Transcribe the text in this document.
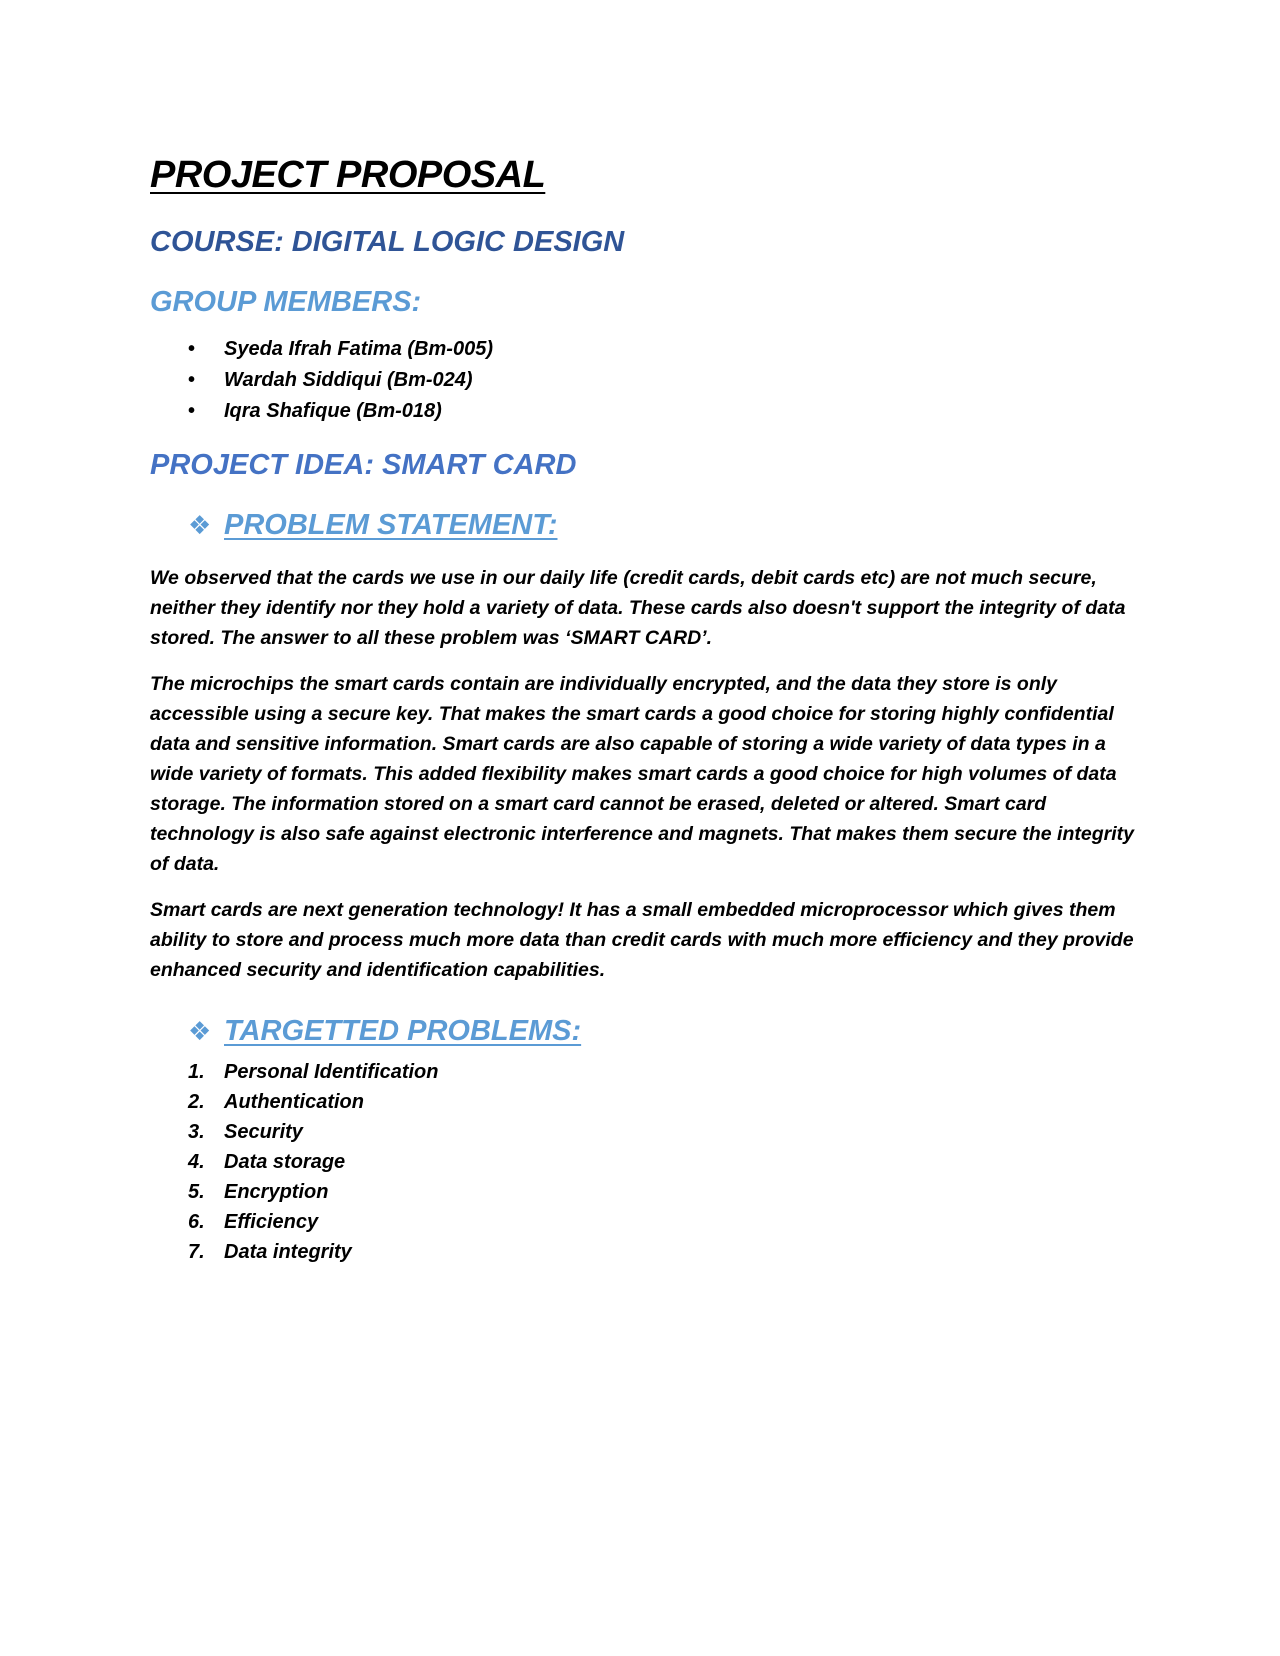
PROJECT PROPOSAL
COURSE: DIGITAL LOGIC DESIGN
GROUP MEMBERS:
• Syeda Ifrah Fatima (Bm-005)
• Wardah Siddiqui (Bm-024)
• Iqra Shafique (Bm-018)
PROJECT IDEA: SMART CARD
❖ PROBLEM STATEMENT:

We observed that the cards we use in our daily life (credit cards, debit cards etc) are not much secure, neither they identify nor they hold a variety of data. These cards also doesn't support the integrity of data stored. The answer to all these problem was ‘SMART CARD’.

The microchips the smart cards contain are individually encrypted, and the data they store is only accessible using a secure key. That makes the smart cards a good choice for storing highly confidential data and sensitive information. Smart cards are also capable of storing a wide variety of data types in a wide variety of formats. This added flexibility makes smart cards a good choice for high volumes of data storage. The information stored on a smart card cannot be erased, deleted or altered. Smart card technology is also safe against electronic interference and magnets. That makes them secure the integrity of data.

Smart cards are next generation technology! It has a small embedded microprocessor which gives them ability to store and process much more data than credit cards with much more efficiency and they provide enhanced security and identification capabilities.

❖ TARGETTED PROBLEMS:
1. Personal Identification
2. Authentication
3. Security
4. Data storage
5. Encryption
6. Efficiency
7. Data integrity
